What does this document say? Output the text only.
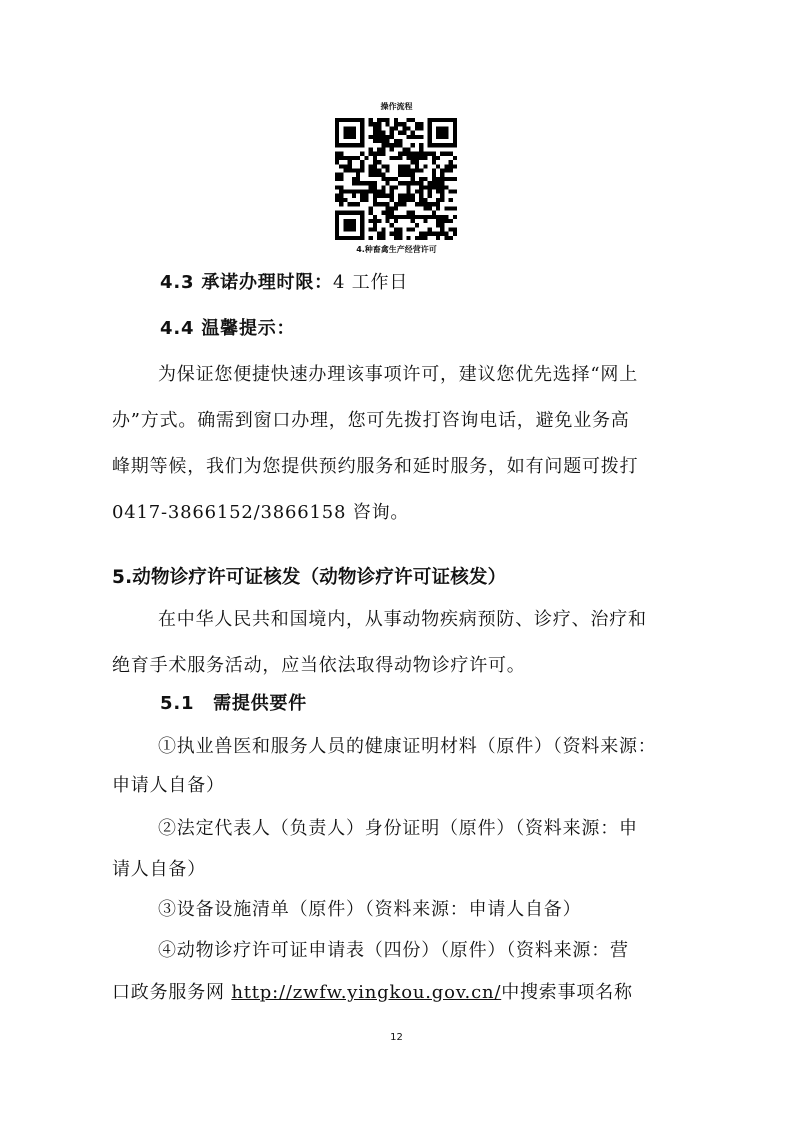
操作流程
4.种畜禽生产经营许可
4.3 承诺办理时限：4 工作日
4.4 温馨提示：
为保证您便捷快速办理该事项许可，建议您优先选择“网上
办”方式。确需到窗口办理，您可先拨打咨询电话，避免业务高
峰期等候，我们为您提供预约服务和延时服务，如有问题可拨打
0417-3866152/3866158 咨询。
5.动物诊疗许可证核发（动物诊疗许可证核发）
在中华人民共和国境内，从事动物疾病预防、诊疗、治疗和
绝育手术服务活动，应当依法取得动物诊疗许可。
5.1　需提供要件
①执业兽医和服务人员的健康证明材料（原件）（资料来源：
申请人自备）
②法定代表人（负责人）身份证明（原件）（资料来源：申
请人自备）
③设备设施清单（原件）（资料来源：申请人自备）
④动物诊疗许可证申请表（四份）（原件）（资料来源：营
口政务服务网 http://zwfw.yingkou.gov.cn/中搜索事项名称
12
